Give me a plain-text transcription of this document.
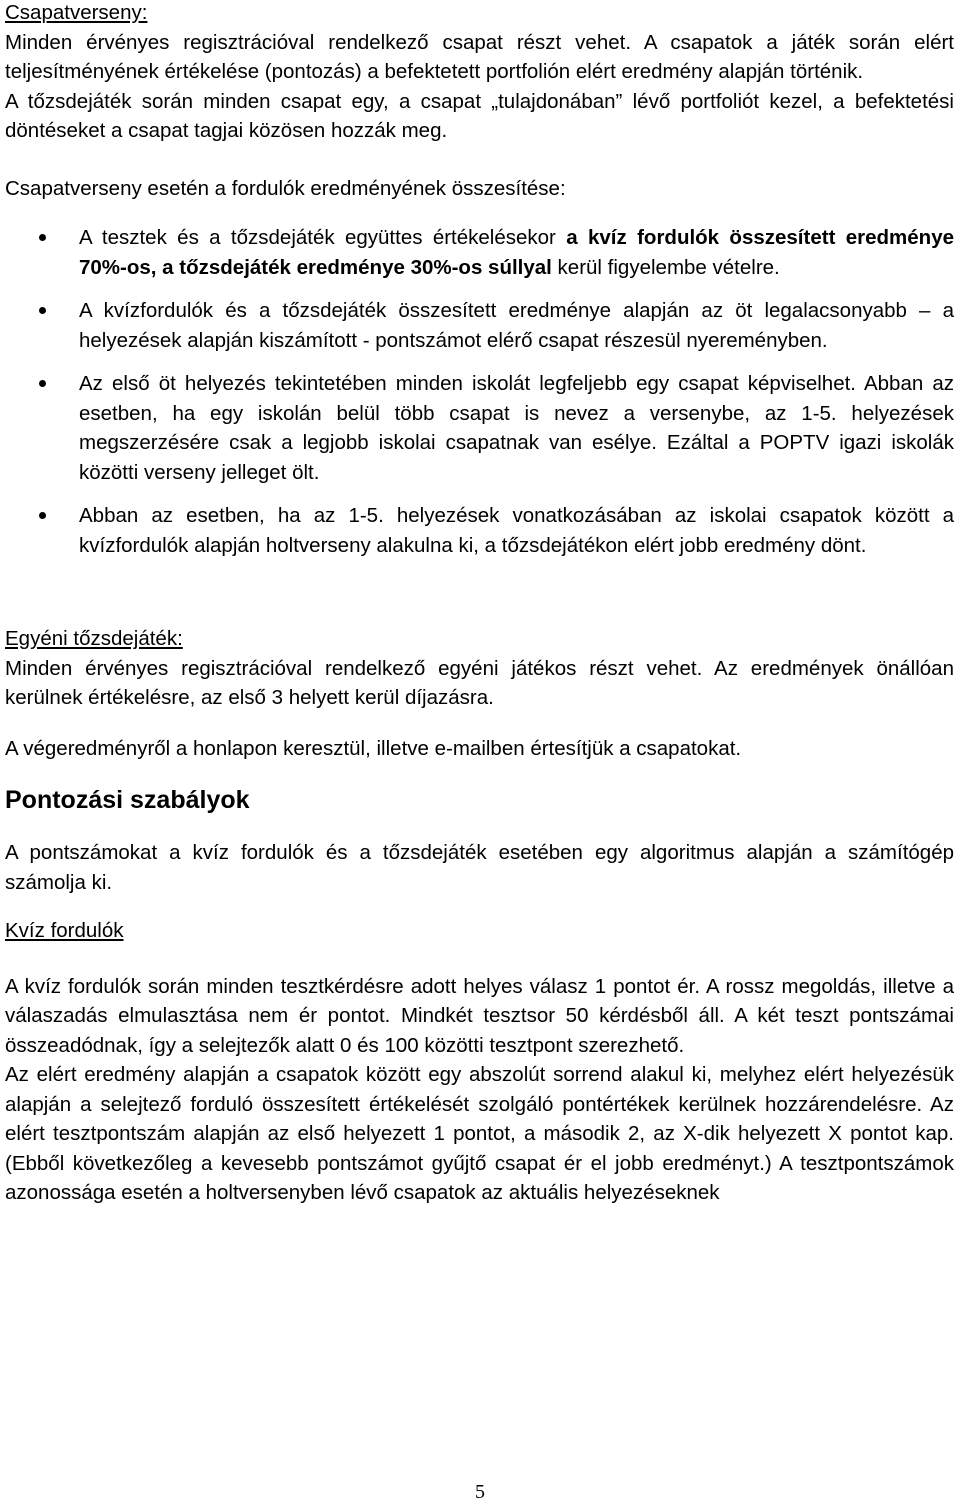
Csapatverseny:

Minden érvényes regisztrációval rendelkező csapat részt vehet. A csapatok a játék során elért teljesítményének értékelése (pontozás) a befektetett portfolión elért eredmény alapján történik.

A tőzsdejáték során minden csapat egy, a csapat „tulajdonában” lévő portfoliót kezel, a befektetési döntéseket a csapat tagjai közösen hozzák meg.

Csapatverseny esetén a fordulók eredményének összesítése:

A tesztek és a tőzsdejáték együttes értékelésekor a kvíz fordulók összesített eredménye 70%-os, a tőzsdejáték eredménye 30%-os súllyal kerül figyelembe vételre.
A kvízfordulók és a tőzsdejáték összesített eredménye alapján az öt legalacsonyabb – a helyezések alapján kiszámított - pontszámot elérő csapat részesül nyereményben.
Az első öt helyezés tekintetében minden iskolát legfeljebb egy csapat képviselhet. Abban az esetben, ha egy iskolán belül több csapat is nevez a versenybe, az 1-5. helyezések megszerzésére csak a legjobb iskolai csapatnak van esélye. Ezáltal a POPTV igazi iskolák közötti verseny jelleget ölt.
Abban az esetben, ha az 1-5. helyezések vonatkozásában az iskolai csapatok között a kvízfordulók alapján holtverseny alakulna ki, a tőzsdejátékon elért jobb eredmény dönt.

Egyéni tőzsdejáték:

Minden érvényes regisztrációval rendelkező egyéni játékos részt vehet. Az eredmények önállóan kerülnek értékelésre, az első 3 helyett kerül díjazásra.

A végeredményről a honlapon keresztül, illetve e-mailben értesítjük a csapatokat.

Pontozási szabályok

A pontszámokat a kvíz fordulók és a tőzsdejáték esetében egy algoritmus alapján a számítógép számolja ki.

Kvíz fordulók

A kvíz fordulók során minden tesztkérdésre adott helyes válasz 1 pontot ér. A rossz megoldás, illetve a válaszadás elmulasztása nem ér pontot. Mindkét tesztsor 50 kérdésből áll. A két teszt pontszámai összeadódnak, így a selejtezők alatt 0 és 100 közötti tesztpont szerezhető.

Az elért eredmény alapján a csapatok között egy abszolút sorrend alakul ki, melyhez elért helyezésük alapján a selejtező forduló összesített értékelését szolgáló pontértékek kerülnek hozzárendelésre. Az elért tesztpontszám alapján az első helyezett 1 pontot, a második 2, az X-dik helyezett X pontot kap. (Ebből következőleg a kevesebb pontszámot gyűjtő csapat ér el jobb eredményt.) A tesztpontszámok azonossága esetén a holtversenyben lévő csapatok az aktuális helyezéseknek

5
